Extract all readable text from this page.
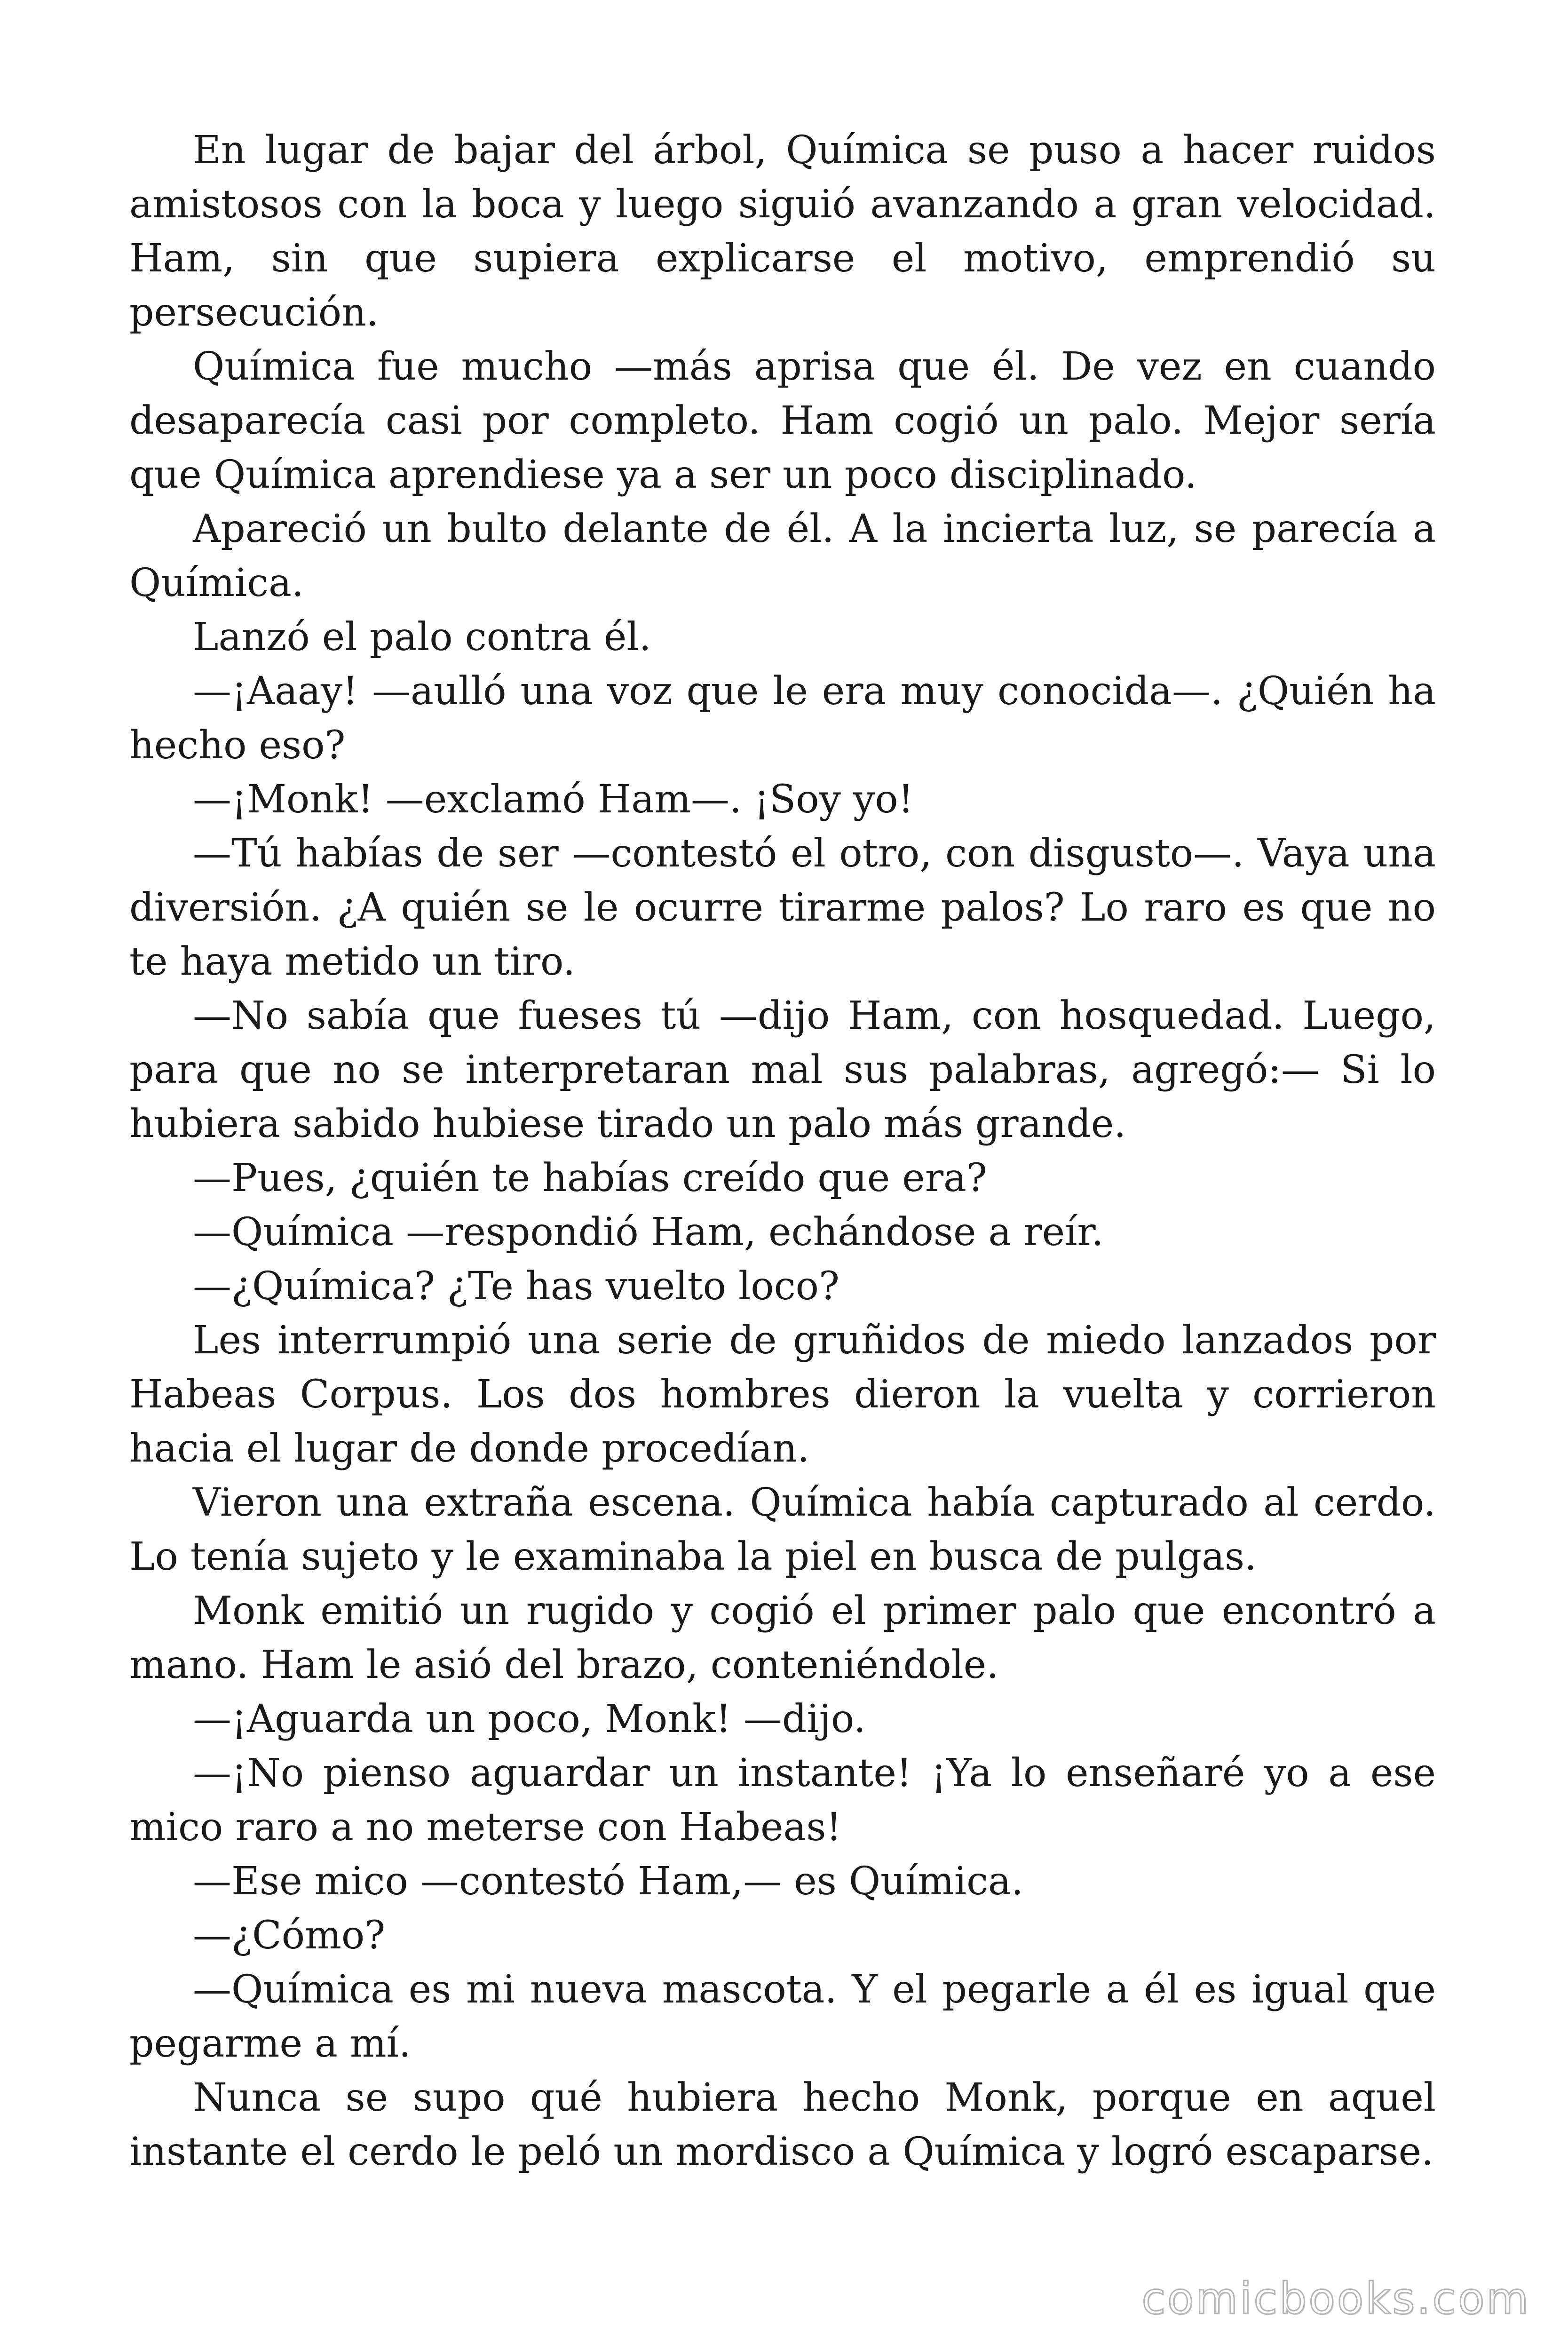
En lugar de bajar del árbol, Química se puso a hacer ruidos amistosos con la boca y luego siguió avanzando a gran velocidad. Ham, sin que supiera explicarse el motivo, emprendió su persecución.

Química fue mucho —más aprisa que él. De vez en cuando desaparecía casi por completo. Ham cogió un palo. Mejor sería que Química aprendiese ya a ser un poco disciplinado.

Apareció un bulto delante de él. A la incierta luz, se parecía a Química.

Lanzó el palo contra él.

—¡Aaay! —aulló una voz que le era muy conocida—. ¿Quién ha hecho eso?

—¡Monk! —exclamó Ham—. ¡Soy yo!

—Tú habías de ser —contestó el otro, con disgusto—. Vaya una diversión. ¿A quién se le ocurre tirarme palos? Lo raro es que no te haya metido un tiro.

—No sabía que fueses tú —dijo Ham, con hosquedad. Luego, para que no se interpretaran mal sus palabras, agregó:— Si lo hubiera sabido hubiese tirado un palo más grande.

—Pues, ¿quién te habías creído que era?

—Química —respondió Ham, echándose a reír.

—¿Química? ¿Te has vuelto loco?

Les interrumpió una serie de gruñidos de miedo lanzados por Habeas Corpus. Los dos hombres dieron la vuelta y corrieron hacia el lugar de donde procedían.

Vieron una extraña escena. Química había capturado al cerdo. Lo tenía sujeto y le examinaba la piel en busca de pulgas.

Monk emitió un rugido y cogió el primer palo que encontró a mano. Ham le asió del brazo, conteniéndole.

—¡Aguarda un poco, Monk! —dijo.

—¡No pienso aguardar un instante! ¡Ya lo enseñaré yo a ese mico raro a no meterse con Habeas!

—Ese mico —contestó Ham,— es Química.

—¿Cómo?

—Química es mi nueva mascota. Y el pegarle a él es igual que pegarme a mí.

Nunca se supo qué hubiera hecho Monk, porque en aquel instante el cerdo le peló un mordisco a Química y logró escaparse.

comicbooks.com
